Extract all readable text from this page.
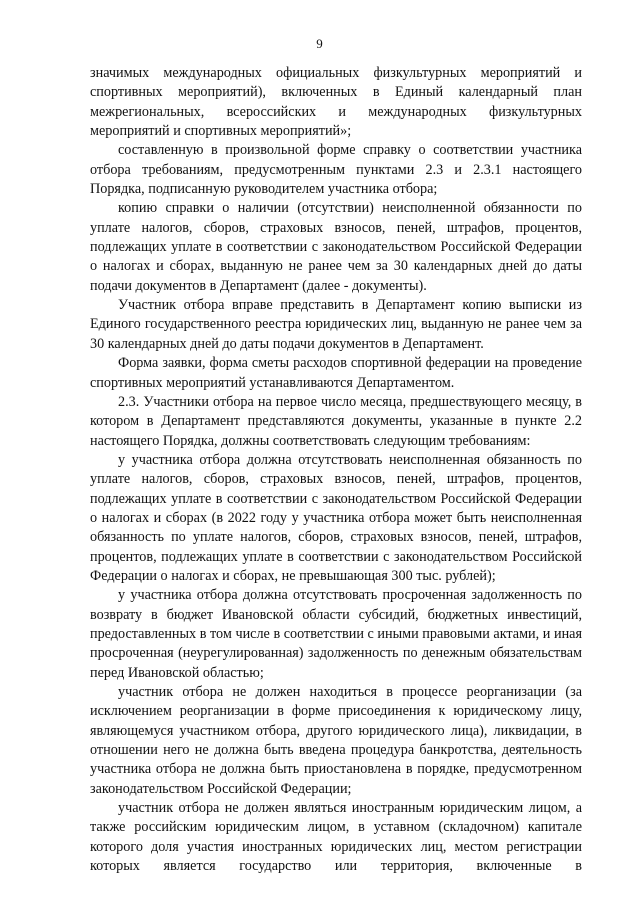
9

значимых международных официальных физкультурных мероприятий и спортивных мероприятий), включенных в Единый календарный план межрегиональных, всероссийских и международных физкультурных мероприятий и спортивных мероприятий»;

составленную в произвольной форме справку о соответствии участника отбора требованиям, предусмотренным пунктами 2.3 и 2.3.1 настоящего Порядка, подписанную руководителем участника отбора;

копию справки о наличии (отсутствии) неисполненной обязанности по уплате налогов, сборов, страховых взносов, пеней, штрафов, процентов, подлежащих уплате в соответствии с законодательством Российской Федерации о налогах и сборах, выданную не ранее чем за 30 календарных дней до даты подачи документов в Департамент (далее - документы).

Участник отбора вправе представить в Департамент копию выписки из Единого государственного реестра юридических лиц, выданную не ранее чем за 30 календарных дней до даты подачи документов в Департамент.

Форма заявки, форма сметы расходов спортивной федерации на проведение спортивных мероприятий устанавливаются Департаментом.

2.3. Участники отбора на первое число месяца, предшествующего месяцу, в котором в Департамент представляются документы, указанные в пункте 2.2 настоящего Порядка, должны соответствовать следующим требованиям:

у участника отбора должна отсутствовать неисполненная обязанность по уплате налогов, сборов, страховых взносов, пеней, штрафов, процентов, подлежащих уплате в соответствии с законодательством Российской Федерации о налогах и сборах (в 2022 году у участника отбора может быть неисполненная обязанность по уплате налогов, сборов, страховых взносов, пеней, штрафов, процентов, подлежащих уплате в соответствии с законодательством Российской Федерации о налогах и сборах, не превышающая 300 тыс. рублей);

у участника отбора должна отсутствовать просроченная задолженность по возврату в бюджет Ивановской области субсидий, бюджетных инвестиций, предоставленных в том числе в соответствии с иными правовыми актами, и иная просроченная (неурегулированная) задолженность по денежным обязательствам перед Ивановской областью;

участник отбора не должен находиться в процессе реорганизации (за исключением реорганизации в форме присоединения к юридическому лицу, являющемуся участником отбора, другого юридического лица), ликвидации, в отношении него не должна быть введена процедура банкротства, деятельность участника отбора не должна быть приостановлена в порядке, предусмотренном законодательством Российской Федерации;

участник отбора не должен являться иностранным юридическим лицом, а также российским юридическим лицом, в уставном (складочном) капитале которого доля участия иностранных юридических лиц, местом регистрации которых является государство или территория, включенные в
